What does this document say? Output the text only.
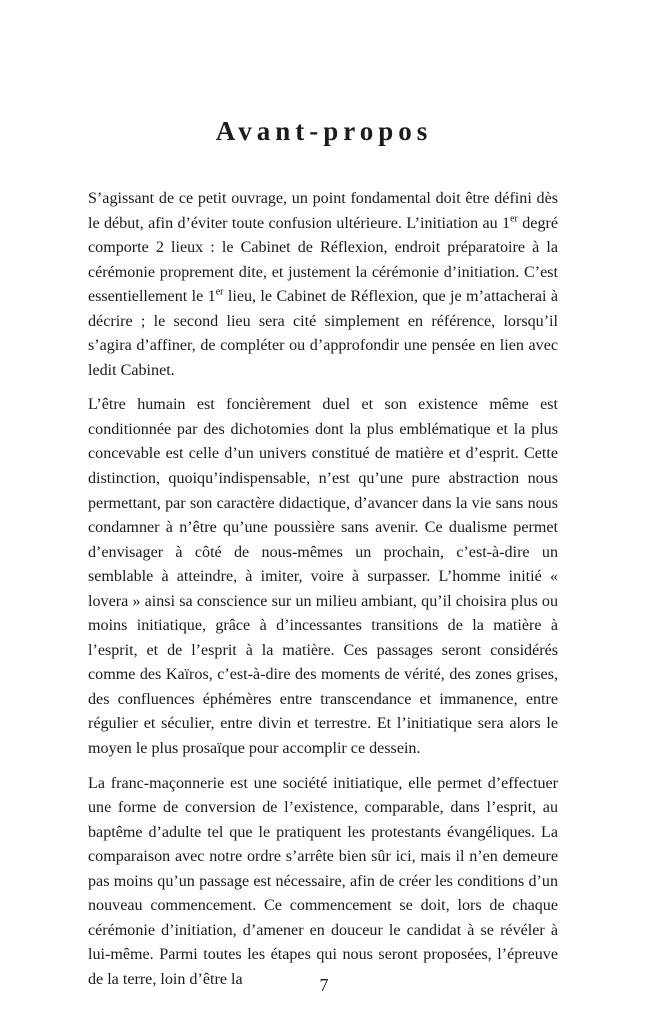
Avant-propos

S’agissant de ce petit ouvrage, un point fondamental doit être défini dès le début, afin d’éviter toute confusion ultérieure. L’initiation au 1er degré comporte 2 lieux : le Cabinet de Réflexion, endroit préparatoire à la cérémonie proprement dite, et justement la cérémonie d’initiation. C’est essentiellement le 1er lieu, le Cabinet de Réflexion, que je m’attacherai à décrire ; le second lieu sera cité simplement en référence, lorsqu’il s’agira d’affiner, de compléter ou d’approfondir une pensée en lien avec ledit Cabinet.

L’être humain est foncièrement duel et son existence même est conditionnée par des dichotomies dont la plus emblématique et la plus concevable est celle d’un univers constitué de matière et d’esprit. Cette distinction, quoiqu’indispensable, n’est qu’une pure abstraction nous permettant, par son caractère didactique, d’avancer dans la vie sans nous condamner à n’être qu’une poussière sans avenir. Ce dualisme permet d’envisager à côté de nous-mêmes un prochain, c’est-à-dire un semblable à atteindre, à imiter, voire à surpasser. L’homme initié « lovera » ainsi sa conscience sur un milieu ambiant, qu’il choisira plus ou moins initiatique, grâce à d’incessantes transitions de la matière à l’esprit, et de l’esprit à la matière. Ces passages seront considérés comme des Kaïros, c’est-à-dire des moments de vérité, des zones grises, des confluences éphémères entre transcendance et immanence, entre régulier et séculier, entre divin et terrestre. Et l’initiatique sera alors le moyen le plus prosaïque pour accomplir ce dessein.

La franc-maçonnerie est une société initiatique, elle permet d’effectuer une forme de conversion de l’existence, comparable, dans l’esprit, au baptême d’adulte tel que le pratiquent les protestants évangéliques. La comparaison avec notre ordre s’arrête bien sûr ici, mais il n’en demeure pas moins qu’un passage est nécessaire, afin de créer les conditions d’un nouveau commencement. Ce commencement se doit, lors de chaque cérémonie d’initiation, d’amener en douceur le candidat à se révéler à lui-même. Parmi toutes les étapes qui nous seront proposées, l’épreuve de la terre, loin d’être la	7
